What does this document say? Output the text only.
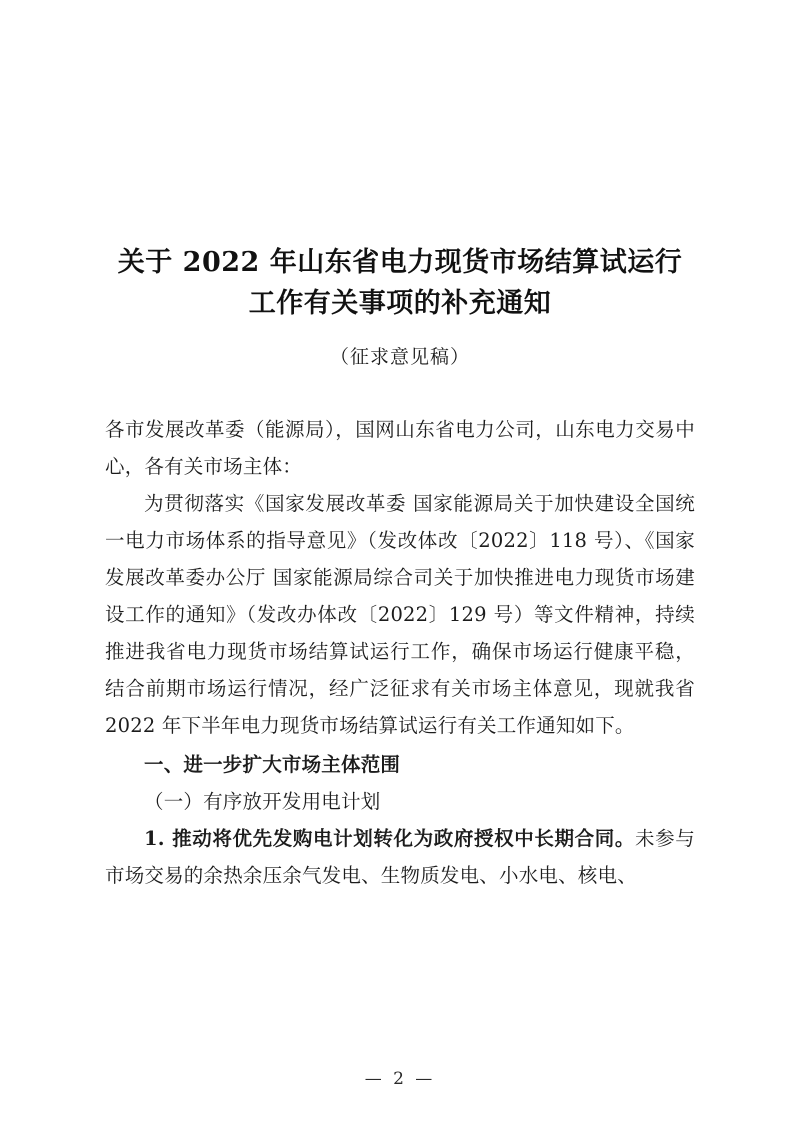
关于 2022 年山东省电力现货市场结算试运行
工作有关事项的补充通知
（征求意见稿）

各市发展改革委（能源局），国网山东省电力公司，山东电力交易中心，各有关市场主体：

为贯彻落实《国家发展改革委 国家能源局关于加快建设全国统一电力市场体系的指导意见》（发改体改〔2022〕118 号）、《国家发展改革委办公厅 国家能源局综合司关于加快推进电力现货市场建设工作的通知》（发改办体改〔2022〕129 号）等文件精神，持续推进我省电力现货市场结算试运行工作，确保市场运行健康平稳，结合前期市场运行情况，经广泛征求有关市场主体意见，现就我省 2022 年下半年电力现货市场结算试运行有关工作通知如下。

一、进一步扩大市场主体范围

（一）有序放开发用电计划

1. 推动将优先发购电计划转化为政府授权中长期合同。未参与市场交易的余热余压余气发电、生物质发电、小水电、核电、

— 2 —
